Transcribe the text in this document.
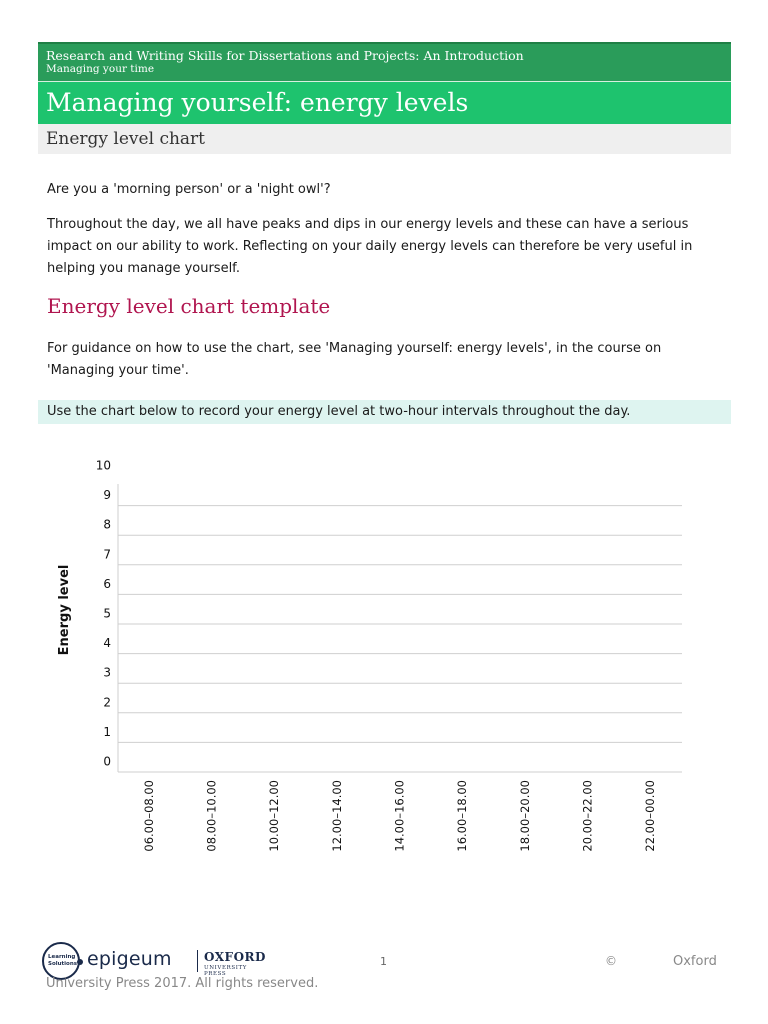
Research and Writing Skills for Dissertations and Projects: An Introduction
Managing your time
Managing yourself: energy levels
Energy level chart
Are you a 'morning person' or a 'night owl'?
Throughout the day, we all have peaks and dips in our energy levels and these can have a serious
impact on our ability to work. Reflecting on your daily energy levels can therefore be very useful in
helping you manage yourself.
Energy level chart template
For guidance on how to use the chart, see 'Managing yourself: energy levels', in the course on
'Managing your time'.
Use the chart below to record your energy level at two-hour intervals throughout the day.
10
9
8
7
6
5
4
3
2
1
0
06.00–08.00	08.00–10.00	10.00–12.00	12.00–14.00	14.00–16.00	16.00–18.00	18.00–20.00	20.00–22.00	22.00–00.00
Energy level
Learning Solutions epigeum	OXFORD
UNIVERSITY PRESS
1	©	Oxford
University Press 2017. All rights reserved.
